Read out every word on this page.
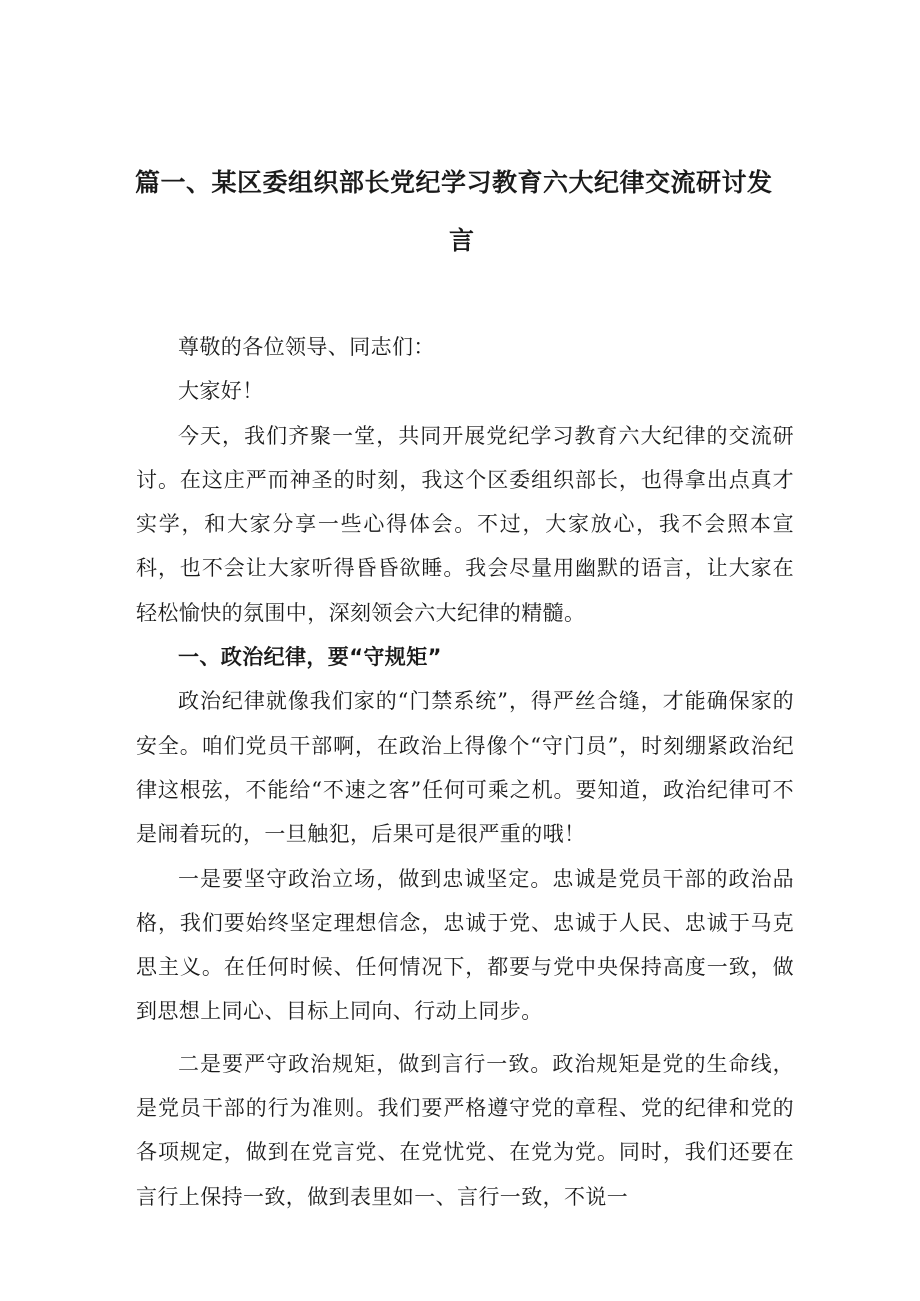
篇一、某区委组织部长党纪学习教育六大纪律交流研讨发
言

尊敬的各位领导、同志们：

大家好！

今天，我们齐聚一堂，共同开展党纪学习教育六大纪律的交流研讨。在这庄严而神圣的时刻，我这个区委组织部长，也得拿出点真才实学，和大家分享一些心得体会。不过，大家放心，我不会照本宣科，也不会让大家听得昏昏欲睡。我会尽量用幽默的语言，让大家在轻松愉快的氛围中，深刻领会六大纪律的精髓。

一、政治纪律，要“守规矩”

政治纪律就像我们家的“门禁系统”，得严丝合缝，才能确保家的安全。咱们党员干部啊，在政治上得像个“守门员”，时刻绷紧政治纪律这根弦，不能给“不速之客”任何可乘之机。要知道，政治纪律可不是闹着玩的，一旦触犯，后果可是很严重的哦！

一是要坚守政治立场，做到忠诚坚定。忠诚是党员干部的政治品格，我们要始终坚定理想信念，忠诚于党、忠诚于人民、忠诚于马克思主义。在任何时候、任何情况下，都要与党中央保持高度一致，做到思想上同心、目标上同向、行动上同步。

二是要严守政治规矩，做到言行一致。政治规矩是党的生命线，是党员干部的行为准则。我们要严格遵守党的章程、党的纪律和党的各项规定，做到在党言党、在党忧党、在党为党。同时，我们还要在言行上保持一致，做到表里如一、言行一致，不说一
